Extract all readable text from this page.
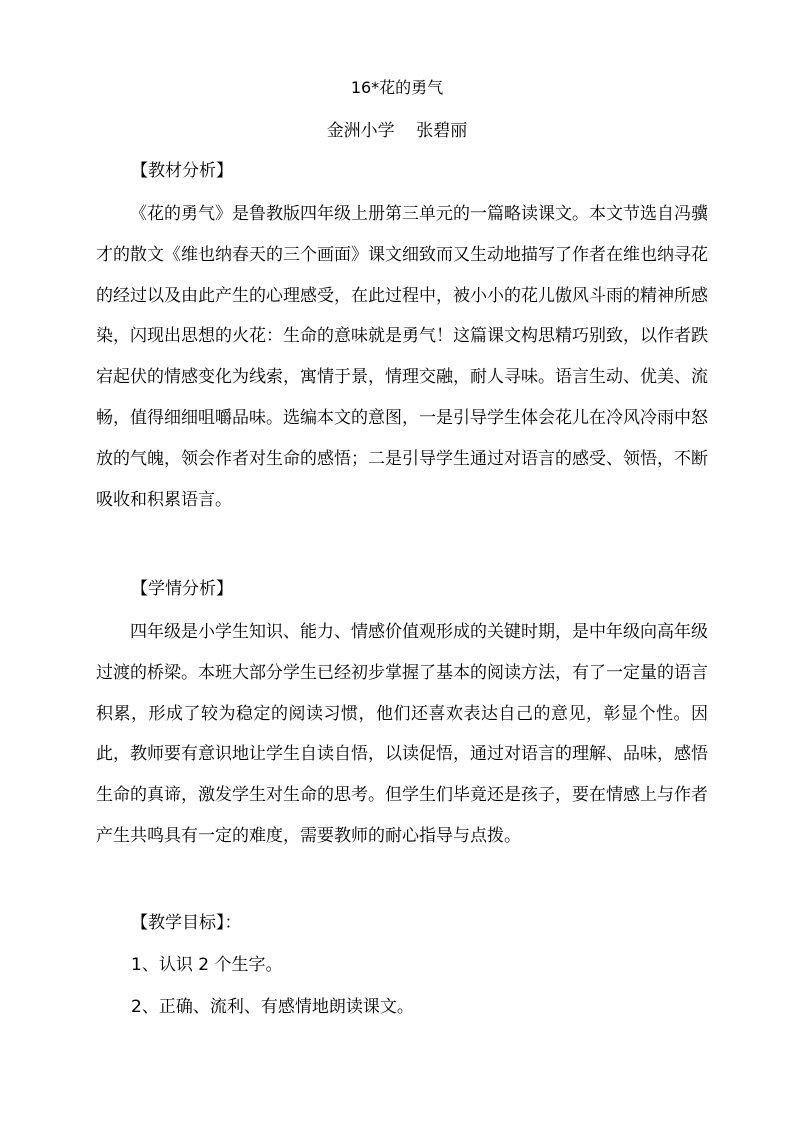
16*花的勇气
金洲小学    张碧丽
【教材分析】

《花的勇气》是鲁教版四年级上册第三单元的一篇略读课文。本文节选自冯骥才的散文《维也纳春天的三个画面》课文细致而又生动地描写了作者在维也纳寻花的经过以及由此产生的心理感受，在此过程中，被小小的花儿傲风斗雨的精神所感染，闪现出思想的火花：生命的意味就是勇气！这篇课文构思精巧别致，以作者跌宕起伏的情感变化为线索，寓情于景，情理交融，耐人寻味。语言生动、优美、流畅，值得细细咀嚼品味。选编本文的意图，一是引导学生体会花儿在冷风冷雨中怒放的气魄，领会作者对生命的感悟；二是引导学生通过对语言的感受、领悟，不断吸收和积累语言。

【学情分析】

四年级是小学生知识、能力、情感价值观形成的关键时期，是中年级向高年级过渡的桥梁。本班大部分学生已经初步掌握了基本的阅读方法，有了一定量的语言积累，形成了较为稳定的阅读习惯，他们还喜欢表达自己的意见，彰显个性。因此，教师要有意识地让学生自读自悟，以读促悟，通过对语言的理解、品味，感悟生命的真谛，激发学生对生命的思考。但学生们毕竟还是孩子，要在情感上与作者产生共鸣具有一定的难度，需要教师的耐心指导与点拨。

【教学目标】：
1、认识 2 个生字。
2、正确、流利、有感情地朗读课文。
